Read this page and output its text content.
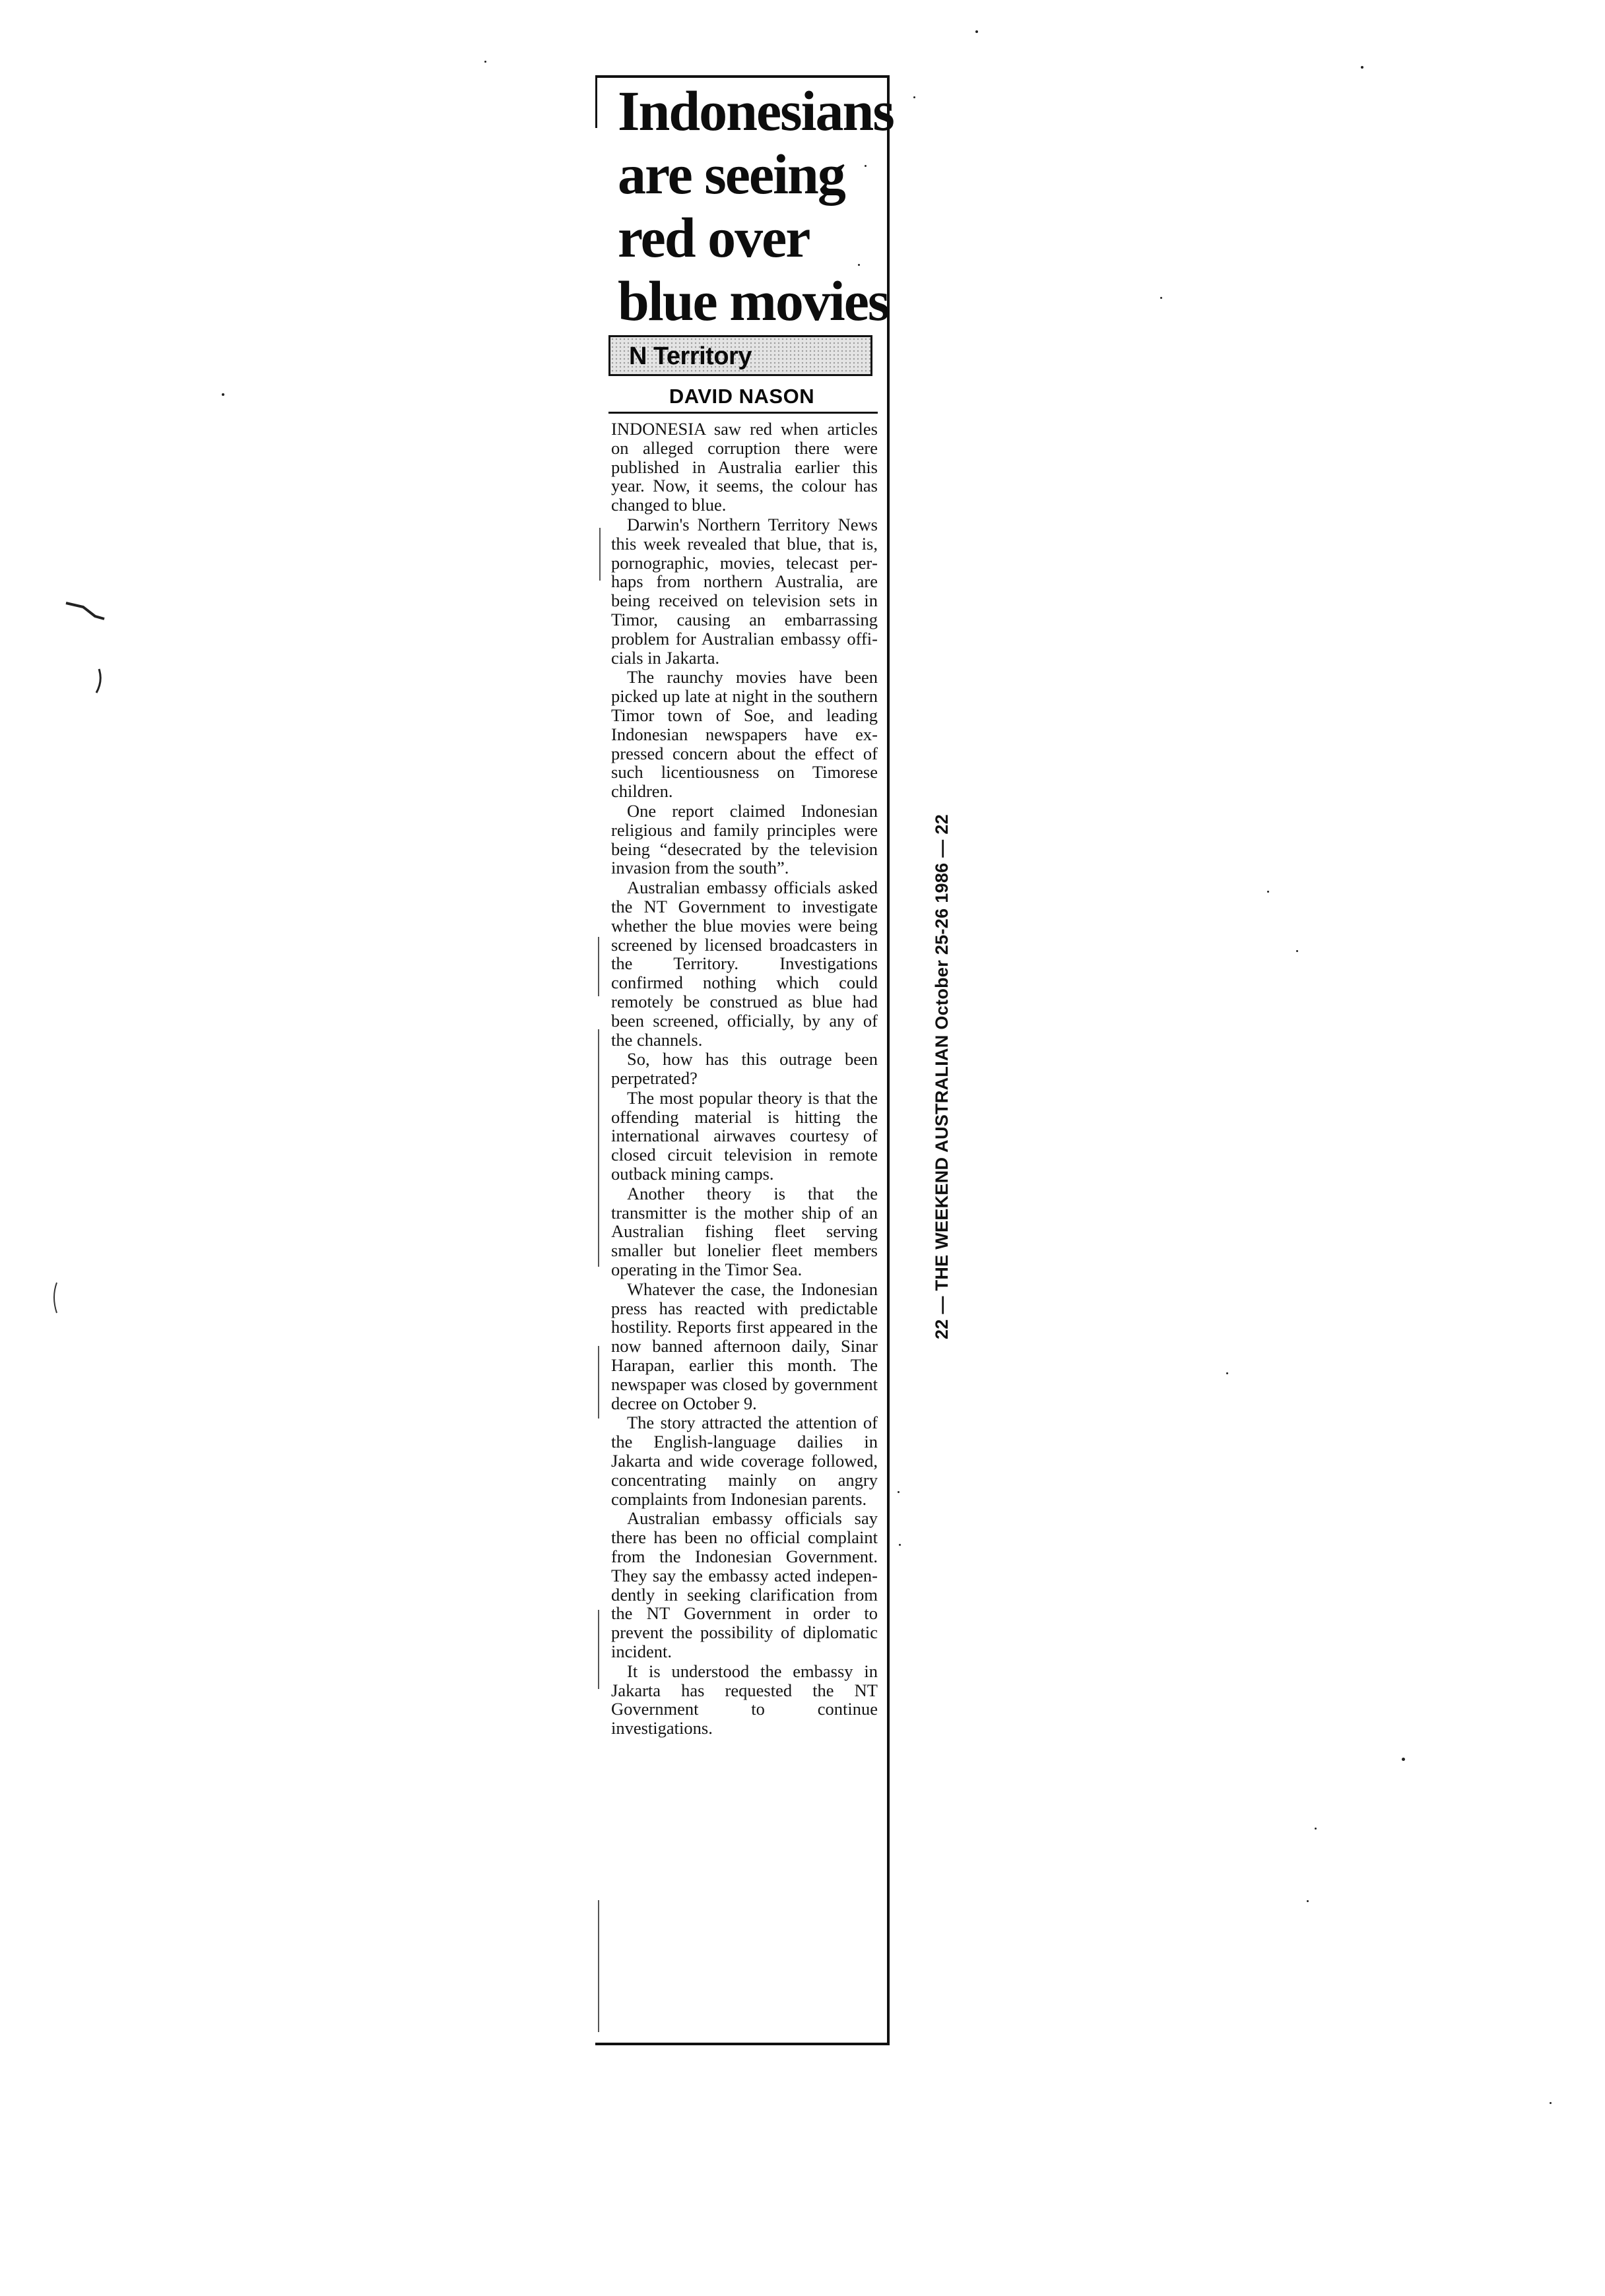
Indonesians
are seeing
red over
blue movies
N Territory
DAVID NASON

INDONESIA saw red when articles on alleged corruption there were published in Australia earlier this year. Now, it seems, the colour has changed to blue.

Darwin's Northern Territory News this week revealed that blue, that is, pornographic, movies, telecast perhaps from northern Australia, are being received on television sets in Timor, causing an embarrassing problem for Australian embassy officials in Jakarta.

The raunchy movies have been picked up late at night in the southern Timor town of Soe, and leading Indonesian newspapers have expressed concern about the effect of such licentiousness on Timorese children.

One report claimed Indonesian religious and family principles were being “desecrated by the television invasion from the south”.

Australian embassy officials asked the NT Government to investigate whether the blue movies were being screened by licensed broadcasters in the Territory. Investigations confirmed nothing which could remotely be construed as blue had been screened, officially, by any of the channels.

So, how has this outrage been perpetrated?

The most popular theory is that the offending material is hitting the international airwaves courtesy of closed circuit television in remote outback mining camps.

Another theory is that the transmitter is the mother ship of an Australian fishing fleet serving smaller but lonelier fleet members operating in the Timor Sea.

Whatever the case, the Indonesian press has reacted with predictable hostility. Reports first appeared in the now banned afternoon daily, Sinar Harapan, earlier this month. The newspaper was closed by government decree on October 9.

The story attracted the attention of the English-language dailies in Jakarta and wide coverage followed, concentrating mainly on angry complaints from Indonesian parents.

Australian embassy officials say there has been no official complaint from the Indonesian Government. They say the embassy acted independently in seeking clarification from the NT Government in order to prevent the possibility of diplomatic incident.

It is understood the embassy in Jakarta has requested the NT Government to continue investigations.

22 — THE WEEKEND AUSTRALIAN October 25-26 1986 — 22
